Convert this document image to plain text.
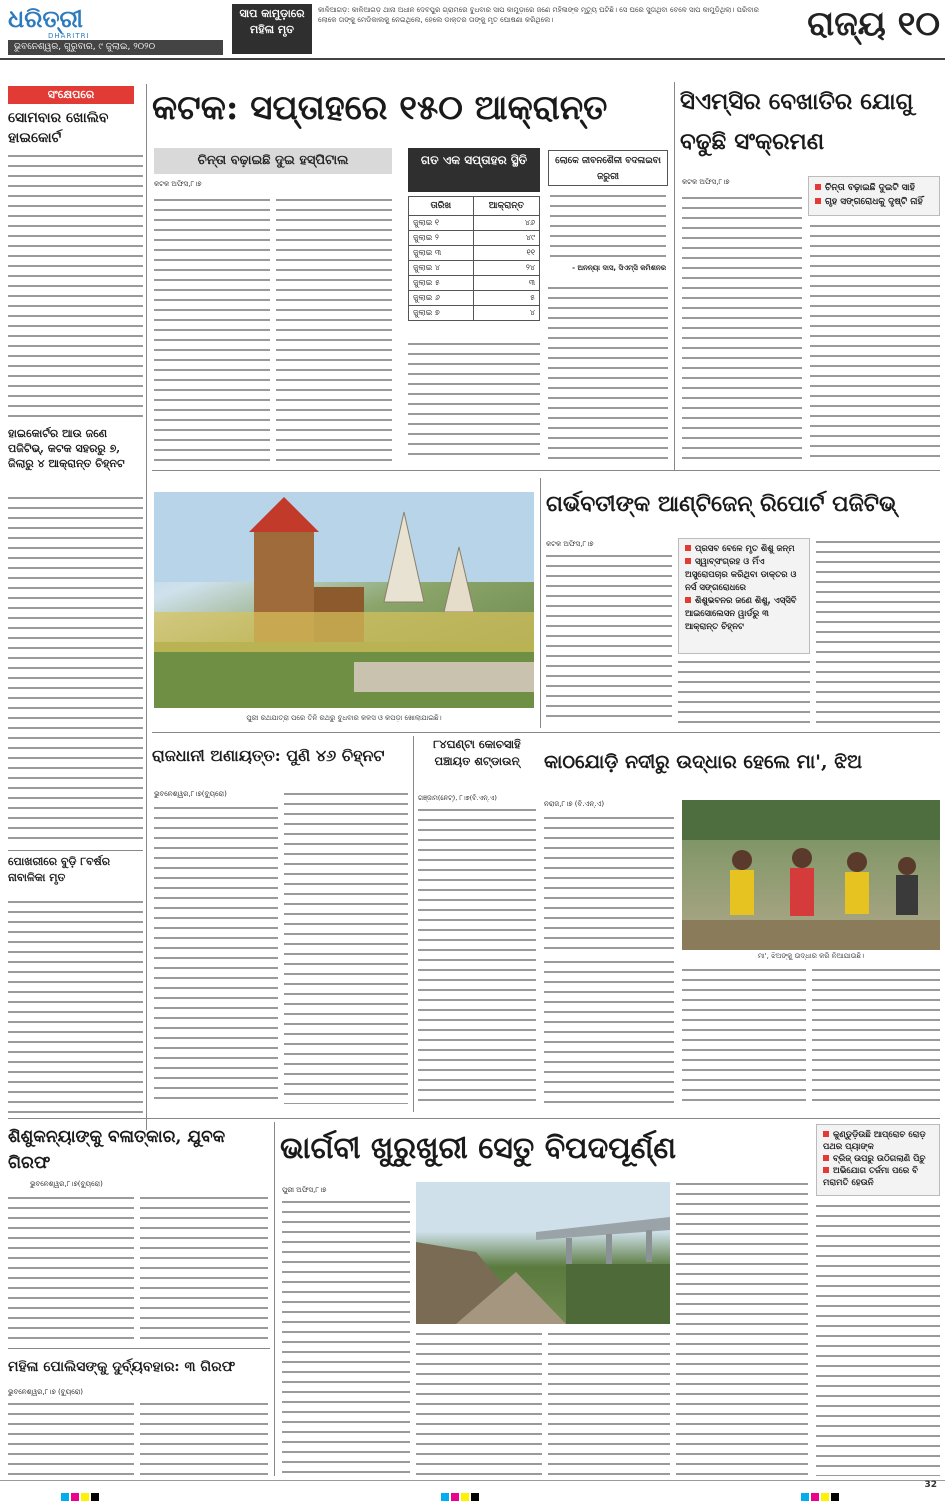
ଧରିତ୍ରୀ
DHARITRI
ଭୁବନେଶ୍ୱର, ଗୁରୁବାର, ୯ ଜୁଲାଇ, ୨୦୨୦
ସାପ କାମୁଡ଼ାରେ ମହିଳା ମୃତ
କାଳିଆଗଡ଼: କାଳିଆଗଡ଼ ଥାନା ଅଧୀନ ଦେବପୁର ଗ୍ରାମରେ ବୁଧବାର ସାପ କାମୁଡ଼ାରେ ଜଣେ ମହିଳାଙ୍କ ମୃତ୍ୟୁ ଘଟିଛି। ସେ ଘରେ ସୁତାଥିବା ବେଳେ ସାପ କାମୁଡ଼ିଥିଲା। ପରିବାର ଲୋକେ ତାଙ୍କୁ ମେଡିକାଲକୁ ନେଇଥିଲେ, ହେଲେ ଡାକ୍ତର ତାଙ୍କୁ ମୃତ ଘୋଷଣା କରିଥିଲେ।	ରାଜ୍ୟ ୧୦
ସଂକ୍ଷେପରେ
ସୋମବାର ଖୋଲିବ ହାଇକୋର୍ଟ
ହାଇକୋର୍ଟର ଆଉ ଜଣେ ପଜିଟିଭ୍, କଟକ ସହରରୁ ୭, ଜିଲାରୁ ୪ ଆକ୍ରାନ୍ତ ଚିହ୍ନଟ
ପୋଖରୀରେ ବୁଡ଼ି ୮ବର୍ଷର ନାବାଳିକା ମୃତ
କଟକ: ସପ୍ତାହରେ ୧୫୦ ଆକ୍ରାନ୍ତ
ଚିନ୍ତା ବଢ଼ାଇଛି ଦୁଇ ହସ୍ପିଟାଲ
କଟକ ଅଫିସ,୮।୭
ଗତ ଏକ ସପ୍ତାହର ସ୍ଥିତି
ତାରିଖ	ଆକ୍ରାନ୍ତ
ଜୁଲାଇ ୧	୪୬
ଜୁଲାଇ ୨	୪୯
ଜୁଲାଇ ୩	୧୧
ଜୁଲାଇ ୪	୨୪
ଜୁଲାଇ ୫	୩
ଜୁଲାଇ ୬	୫
ଜୁଲାଇ ୭	୪
ଲୋକେ ଜୀବନଶୈଳୀ ବଦଳାଇବା ଜରୁରୀ
- ଅନନ୍ୟା ଦାସ, ସିଏମ୍‌ସି କମିଶନର
ସିଏମ୍‌ସିର ବେଖାତିର ଯୋଗୁ ବଢୁଛି ସଂକ୍ରମଣ
କଟକ ଅଫିସ,୮।୭
ଚିନ୍ତା ବଢ଼ାଇଛି ଦୁଇଟି ସାହି
ଗୃହ ସଙ୍ଗରୋଧକୁ ଦୃଷ୍ଟି ନାହିଁ
ପୁରୀ ରଥଯାତ୍ରା ପରେ ତିନି ରଥରୁ ବୁଧବାର କଳସ ଓ କପଡ଼ା ଖୋଲାଯାଇଛି।
ଗର୍ଭବତୀଙ୍କ ଆଣ୍ଟିଜେନ୍ ରିପୋର୍ଟ ପଜିଟିଭ୍
କଟକ ଅଫିସ,୮।୭	ପ୍ରସବ ବେଳେ ମୃତ ଶିଶୁ ଜନ୍ମ
ସ୍ୱାବ୍‌ସଂଗ୍ରହ ଓ ମିଁଏ ଅସ୍ତ୍ରୋପଚାର କରିଥିବା ଡାକ୍ତର ଓ ନର୍ସ ସଙ୍ଗରୋଧରେ
ଶିଶୁଭବନର ଜଣେ ଶିଶୁ, ଏସ୍‌ସିବି ଆଇସୋଲେସନ ୱାର୍ଡରୁ ୩ ଆକ୍ରାନ୍ତ ଚିହ୍ନଟ
ରାଜଧାନୀ ଅଣାୟତ୍ତ: ପୁଣି ୪୬ ଚିହ୍ନଟ
ଭୁବନେଶ୍ୱର,୮।୭(ବ୍ୟୁରୋ)
୮୪ଘଣ୍ଟା କୋଚସାହି ପଞ୍ଚାୟତ ଶଟ୍‌ଡାଉନ୍
ଗଞ୍ଜାମ(ନେଟ୍‌), ୮।୭(ବି.ଏନ୍.ଏ)
କାଠଯୋଡ଼ି ନଦୀରୁ ଉଦ୍ଧାର ହେଲେ ମା', ଝିଅ
ନରାଜ,୮।୭ (ବି.ଏନ୍.ଏ)
ମା', ଝିଅଙ୍କୁ ଉଦ୍ଧାର କରି ନିଆଯାଉଛି।
ଶିଶୁକନ୍ୟାଙ୍କୁ ବଳାତ୍କାର, ଯୁବକ ଗିରଫ
ଭୁବନେଶ୍ୱର,୮।୭(ବ୍ୟୁରୋ)
ମହିଳା ପୋଲିସଙ୍କୁ ଦୁର୍ବ୍ୟବହାର: ୩ ଗିରଫ
ଭୁବନେଶ୍ୱର,୮।୭ (ବ୍ୟୁରୋ)
ଭାର୍ଗବୀ ଖୁରୁଖୁରୀ ସେତୁ ବିପଦପୂର୍ଣ୍ଣ	କୁଣ୍ଡୁଡ଼ିଉଛି ଆପ୍ରୋଚ ରୋଡ଼ ପଥର ପ୍ୟାଙ୍କ
ବ୍ରିଜ୍ ଉପରୁ ଉଠିଗଲାଣି ପିଚୁ
ଅଭିଯୋଗ ତର୍ଜମା ପରେ ବି ମରାମତି ହେଉନି
ପୁରୀ ଅଫିସ,୮।୭
32
